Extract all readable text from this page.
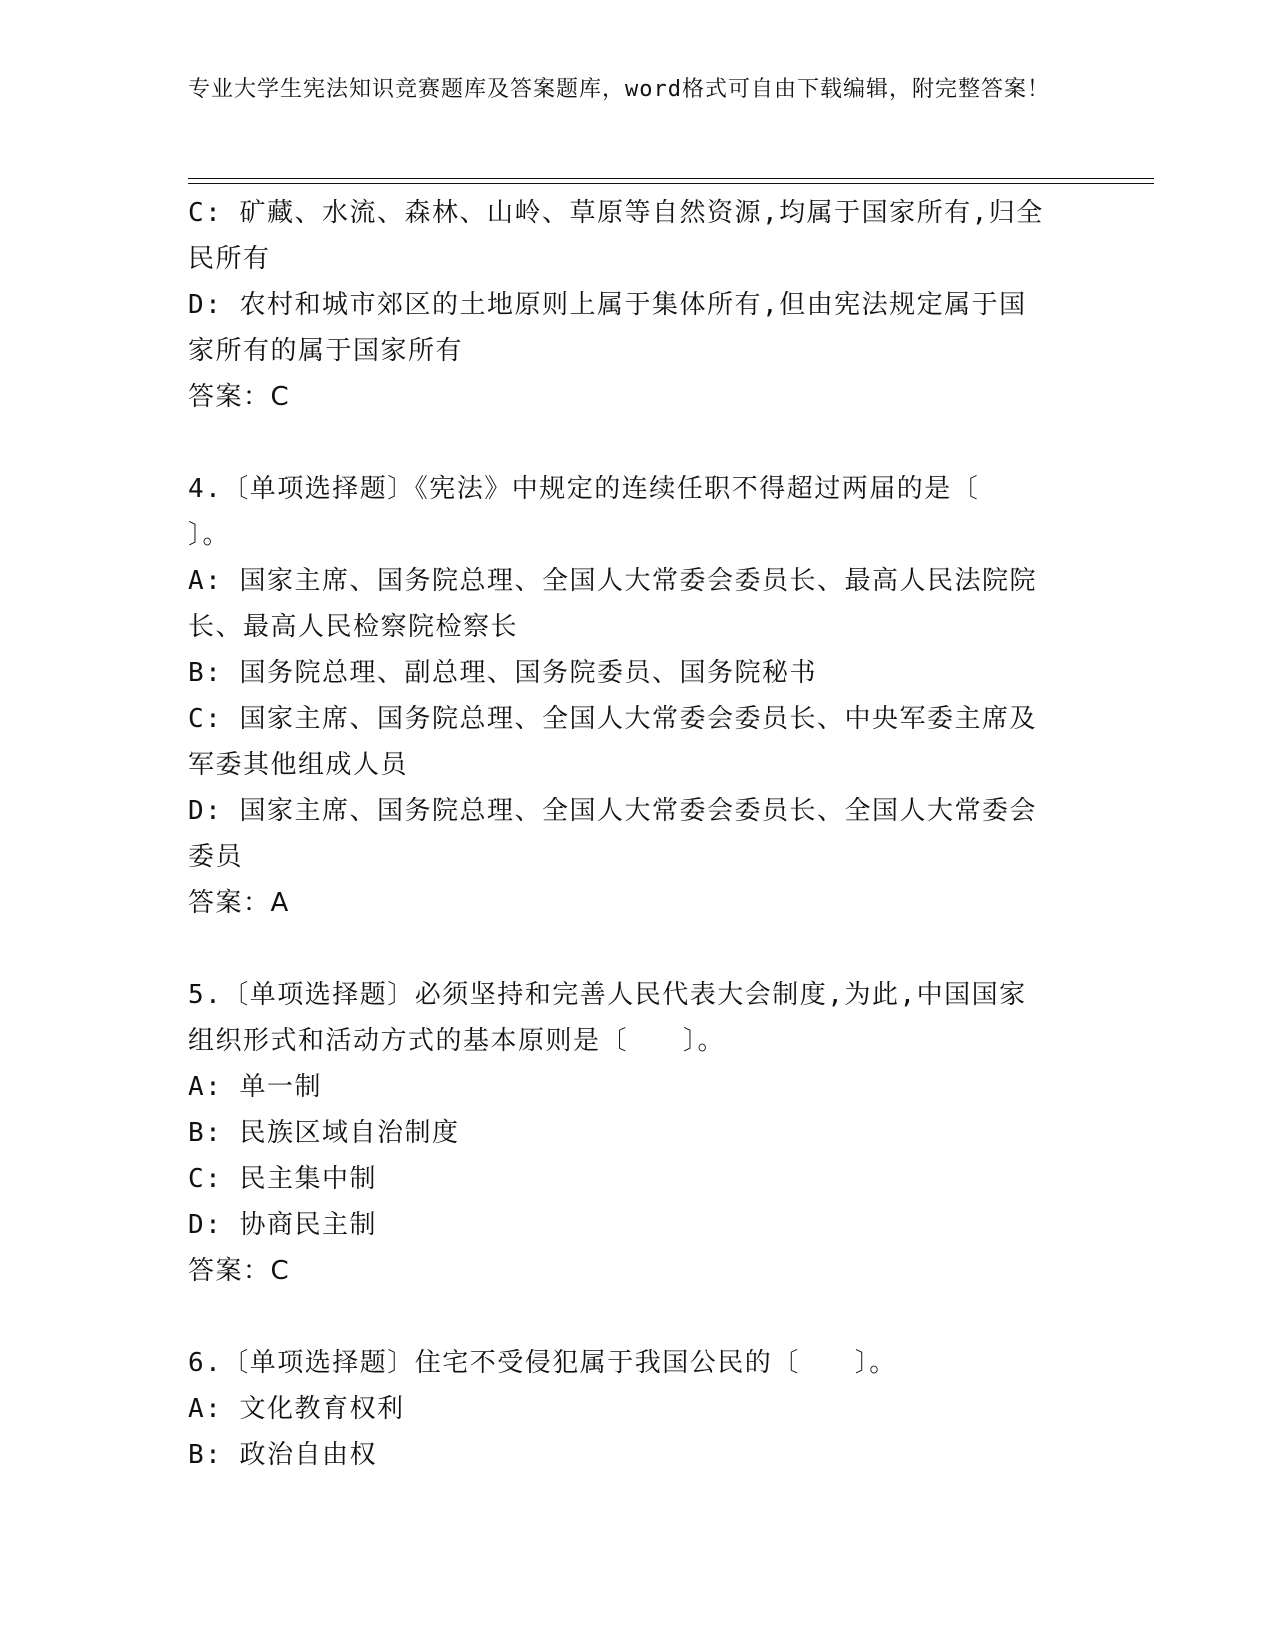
专业大学生宪法知识竞赛题库及答案题库，word格式可自由下载编辑，附完整答案！
C: 矿藏、水流、森林、山岭、草原等自然资源,均属于国家所有,归全
民所有
D: 农村和城市郊区的土地原则上属于集体所有,但由宪法规定属于国
家所有的属于国家所有
答案：C
4.〔单项选择题〕《宪法》中规定的连续任职不得超过两届的是〔
〕。
A: 国家主席、国务院总理、全国人大常委会委员长、最高人民法院院
长、最高人民检察院检察长
B: 国务院总理、副总理、国务院委员、国务院秘书
C: 国家主席、国务院总理、全国人大常委会委员长、中央军委主席及
军委其他组成人员
D: 国家主席、国务院总理、全国人大常委会委员长、全国人大常委会
委员
答案：A
5.〔单项选择题〕必须坚持和完善人民代表大会制度,为此,中国国家
组织形式和活动方式的基本原则是〔　　〕。
A: 单一制
B: 民族区域自治制度
C: 民主集中制
D: 协商民主制
答案：C
6.〔单项选择题〕住宅不受侵犯属于我国公民的〔　　〕。
A: 文化教育权利
B: 政治自由权
